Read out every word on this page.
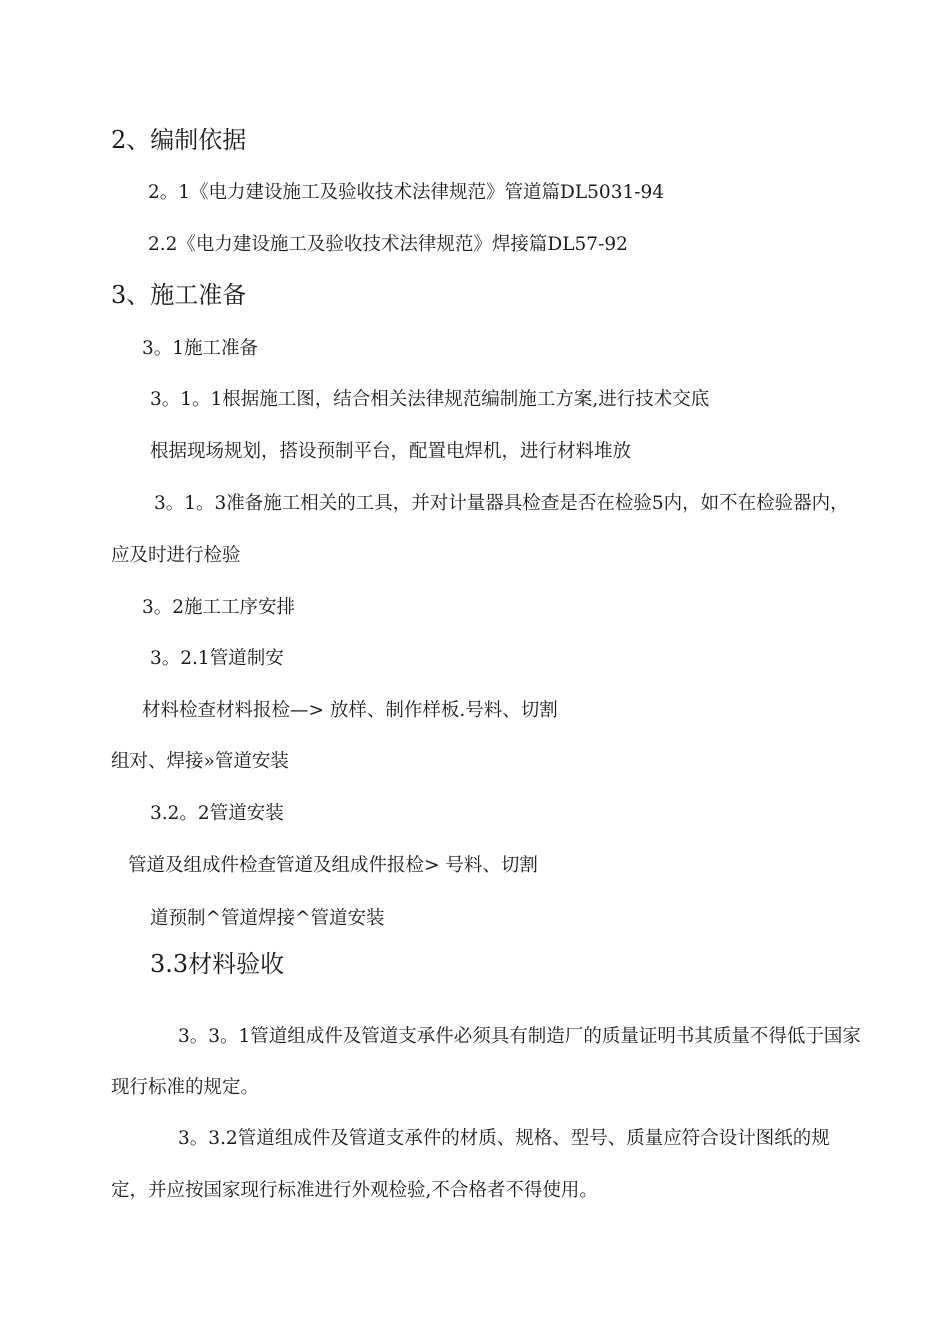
2、编制依据
2。1《电力建设施工及验收技术法律规范》管道篇DL5031-94
2.2《电力建设施工及验收技术法律规范》焊接篇DL57-92
3、施工准备
3。1施工准备
3。1。1根据施工图，结合相关法律规范编制施工方案,进行技术交底
根据现场规划，搭设预制平台，配置电焊机，进行材料堆放
3。1。3准备施工相关的工具，并对计量器具检查是否在检验5内，如不在检验器内，
应及时进行检验
3。2施工工序安排
3。2.1管道制安
材料检查材料报检—> 放样、制作样板.号料、切割
组对、焊接»管道安装
3.2。2管道安装
管道及组成件检查管道及组成件报检> 号料、切割
道预制^管道焊接^管道安装
3.3材料验收
3。3。1管道组成件及管道支承件必须具有制造厂的质量证明书其质量不得低于国家
现行标准的规定。
3。3.2管道组成件及管道支承件的材质、规格、型号、质量应符合设计图纸的规
定，并应按国家现行标准进行外观检验,不合格者不得使用。
